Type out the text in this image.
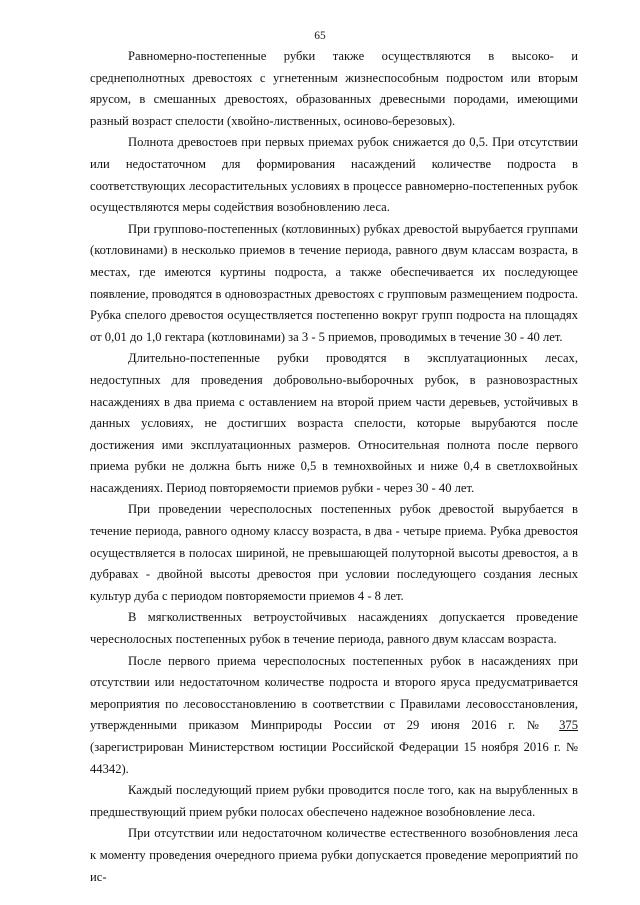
65

Равномерно-постепенные рубки также осуществляются в высоко- и среднеполнотных древостоях с угнетенным жизнеспособным подростом или вторым ярусом, в смешанных древостоях, образованных древесными породами, имеющими разный возраст спелости (хвойно-лиственных, осиново-березовых).

Полнота древостоев при первых приемах рубок снижается до 0,5. При отсутствии или недостаточном для формирования насаждений количестве подроста в соответствующих лесорастительных условиях в процессе равномерно-постепенных рубок осуществляются меры содействия возобновлению леса.

При группово-постепенных (котловинных) рубках древостой вырубается группами (котловинами) в несколько приемов в течение периода, равного двум классам возраста, в местах, где имеются куртины подроста, а также обеспечивается их последующее появление, проводятся в одновозрастных древостоях с групповым размещением подроста. Рубка спелого древостоя осуществляется постепенно вокруг групп подроста на площадях от 0,01 до 1,0 гектара (котловинами) за 3 - 5 приемов, проводимых в течение 30 - 40 лет.

Длительно-постепенные рубки проводятся в эксплуатационных лесах, недоступных для проведения добровольно-выборочных рубок, в разновозрастных насаждениях в два приема с оставлением на второй прием части деревьев, устойчивых в данных условиях, не достигших возраста спелости, которые вырубаются после достижения ими эксплуатационных размеров. Относительная полнота после первого приема рубки не должна быть ниже 0,5 в темнохвойных и ниже 0,4 в светлохвойных насаждениях. Период повторяемости приемов рубки - через 30 - 40 лет.

При проведении чересполосных постепенных рубок древостой вырубается в течение периода, равного одному классу возраста, в два - четыре приема. Рубка древостоя осуществляется в полосах шириной, не превышающей полуторной высоты древостоя, а в дубравах - двойной высоты древостоя при условии последующего создания лесных культур дуба с периодом повторяемости приемов 4 - 8 лет.

В мягколиственных ветроустойчивых насаждениях допускается проведение череснолосных постепенных рубок в течение периода, равного двум классам возраста.

После первого приема чересполосных постепенных рубок в насаждениях при отсутствии или недостаточном количестве подроста и второго яруса предусматривается мероприятия по лесовосстановлению в соответствии с Правилами лесовосстановления, утвержденными приказом Минприроды России от 29 июня 2016 г. № 375 (зарегистрирован Министерством юстиции Российской Федерации 15 ноября 2016 г. № 44342).

Каждый последующий прием рубки проводится после того, как на вырубленных в предшествующий прием рубки полосах обеспечено надежное возобновление леса.

При отсутствии или недостаточном количестве естественного возобновления леса к моменту проведения очередного приема рубки допускается проведение мероприятий по ис-
